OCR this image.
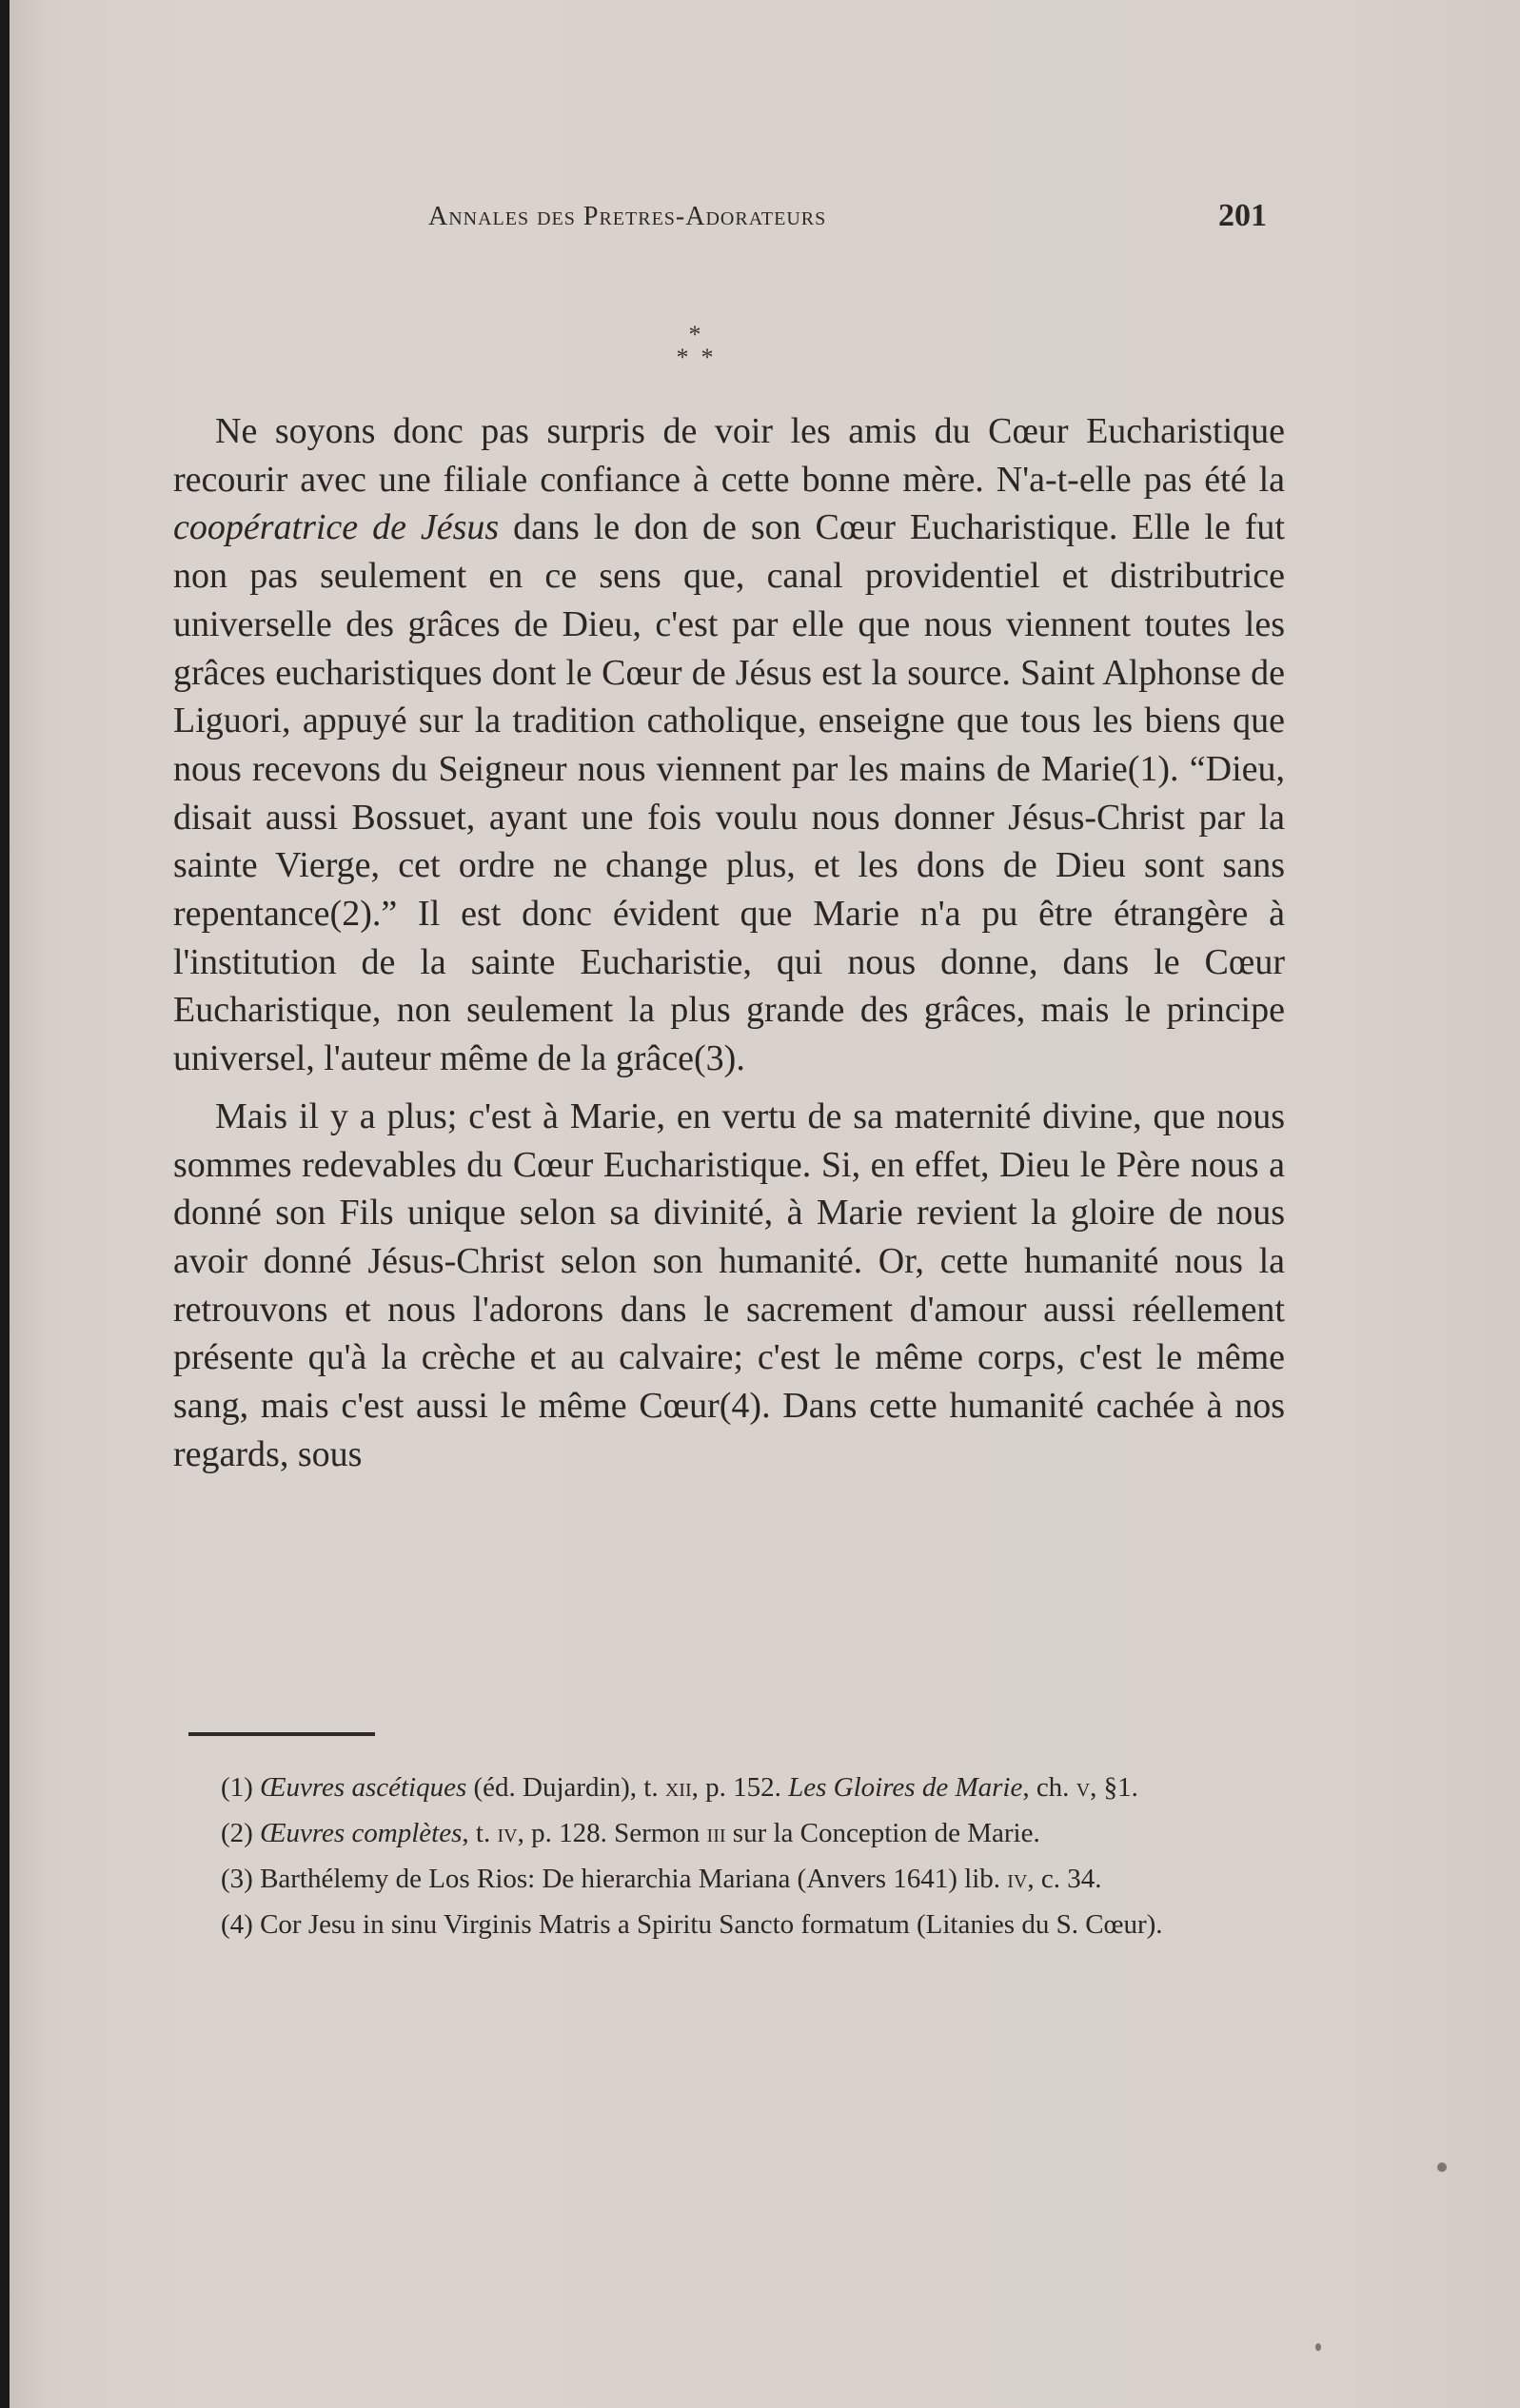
Annales des Pretres-Adorateurs	201
*
*  *

Ne soyons donc pas surpris de voir les amis du Cœur Eucharistique recourir avec une filiale confiance à cette bonne mère. N'a-t-elle pas été la coopératrice de Jésus dans le don de son Cœur Eucharistique. Elle le fut non pas seulement en ce sens que, canal providentiel et distributrice universelle des grâces de Dieu, c'est par elle que nous viennent toutes les grâces eucharistiques dont le Cœur de Jésus est la source. Saint Alphonse de Liguori, appuyé sur la tradition catholique, enseigne que tous les biens que nous recevons du Seigneur nous viennent par les mains de Marie(1). “Dieu, disait aussi Bossuet, ayant une fois voulu nous donner Jésus-Christ par la sainte Vierge, cet ordre ne change plus, et les dons de Dieu sont sans repentance(2).” Il est donc évident que Marie n'a pu être étrangère à l'institution de la sainte Eucharistie, qui nous donne, dans le Cœur Eucharistique, non seulement la plus grande des grâces, mais le principe universel, l'auteur même de la grâce(3).

Mais il y a plus; c'est à Marie, en vertu de sa maternité divine, que nous sommes redevables du Cœur Eucharistique. Si, en effet, Dieu le Père nous a donné son Fils unique selon sa divinité, à Marie revient la gloire de nous avoir donné Jésus-Christ selon son humanité. Or, cette humanité nous la retrouvons et nous l'adorons dans le sacrement d'amour aussi réellement présente qu'à la crèche et au calvaire; c'est le même corps, c'est le même sang, mais c'est aussi le même Cœur(4). Dans cette humanité cachée à nos regards, sous

(1) Œuvres ascétiques (éd. Dujardin), t. xii, p. 152. Les Gloires de Marie, ch. v, §1.

(2) Œuvres complètes, t. iv, p. 128. Sermon iii sur la Conception de Marie.

(3) Barthélemy de Los Rios: De hierarchia Mariana (Anvers 1641) lib. iv, c. 34.

(4) Cor Jesu in sinu Virginis Matris a Spiritu Sancto formatum (Litanies du S. Cœur).
